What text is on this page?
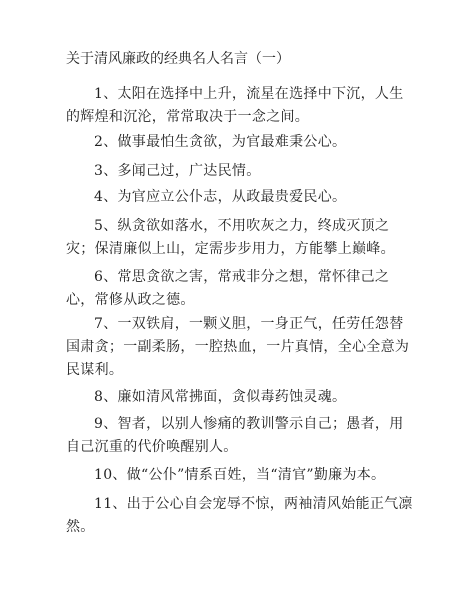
关于清风廉政的经典名人名言（一）
1、太阳在选择中上升，流星在选择中下沉，人生的辉煌和沉沦，常常取决于一念之间。
2、做事最怕生贪欲，为官最难秉公心。
3、多闻己过，广达民情。
4、为官应立公仆志，从政最贵爱民心。
5、纵贪欲如落水，不用吹灰之力，终成灭顶之灾；保清廉似上山，定需步步用力，方能攀上巅峰。
6、常思贪欲之害，常戒非分之想，常怀律己之心，常修从政之德。
7、一双铁肩，一颗义胆，一身正气，任劳任怨替国肃贪；一副柔肠，一腔热血，一片真情，全心全意为民谋利。
8、廉如清风常拂面，贪似毒药蚀灵魂。
9、智者，以别人惨痛的教训警示自己；愚者，用自己沉重的代价唤醒别人。
10、做“公仆”情系百姓，当“清官”勤廉为本。
11、出于公心自会宠辱不惊，两袖清风始能正气凛然。
